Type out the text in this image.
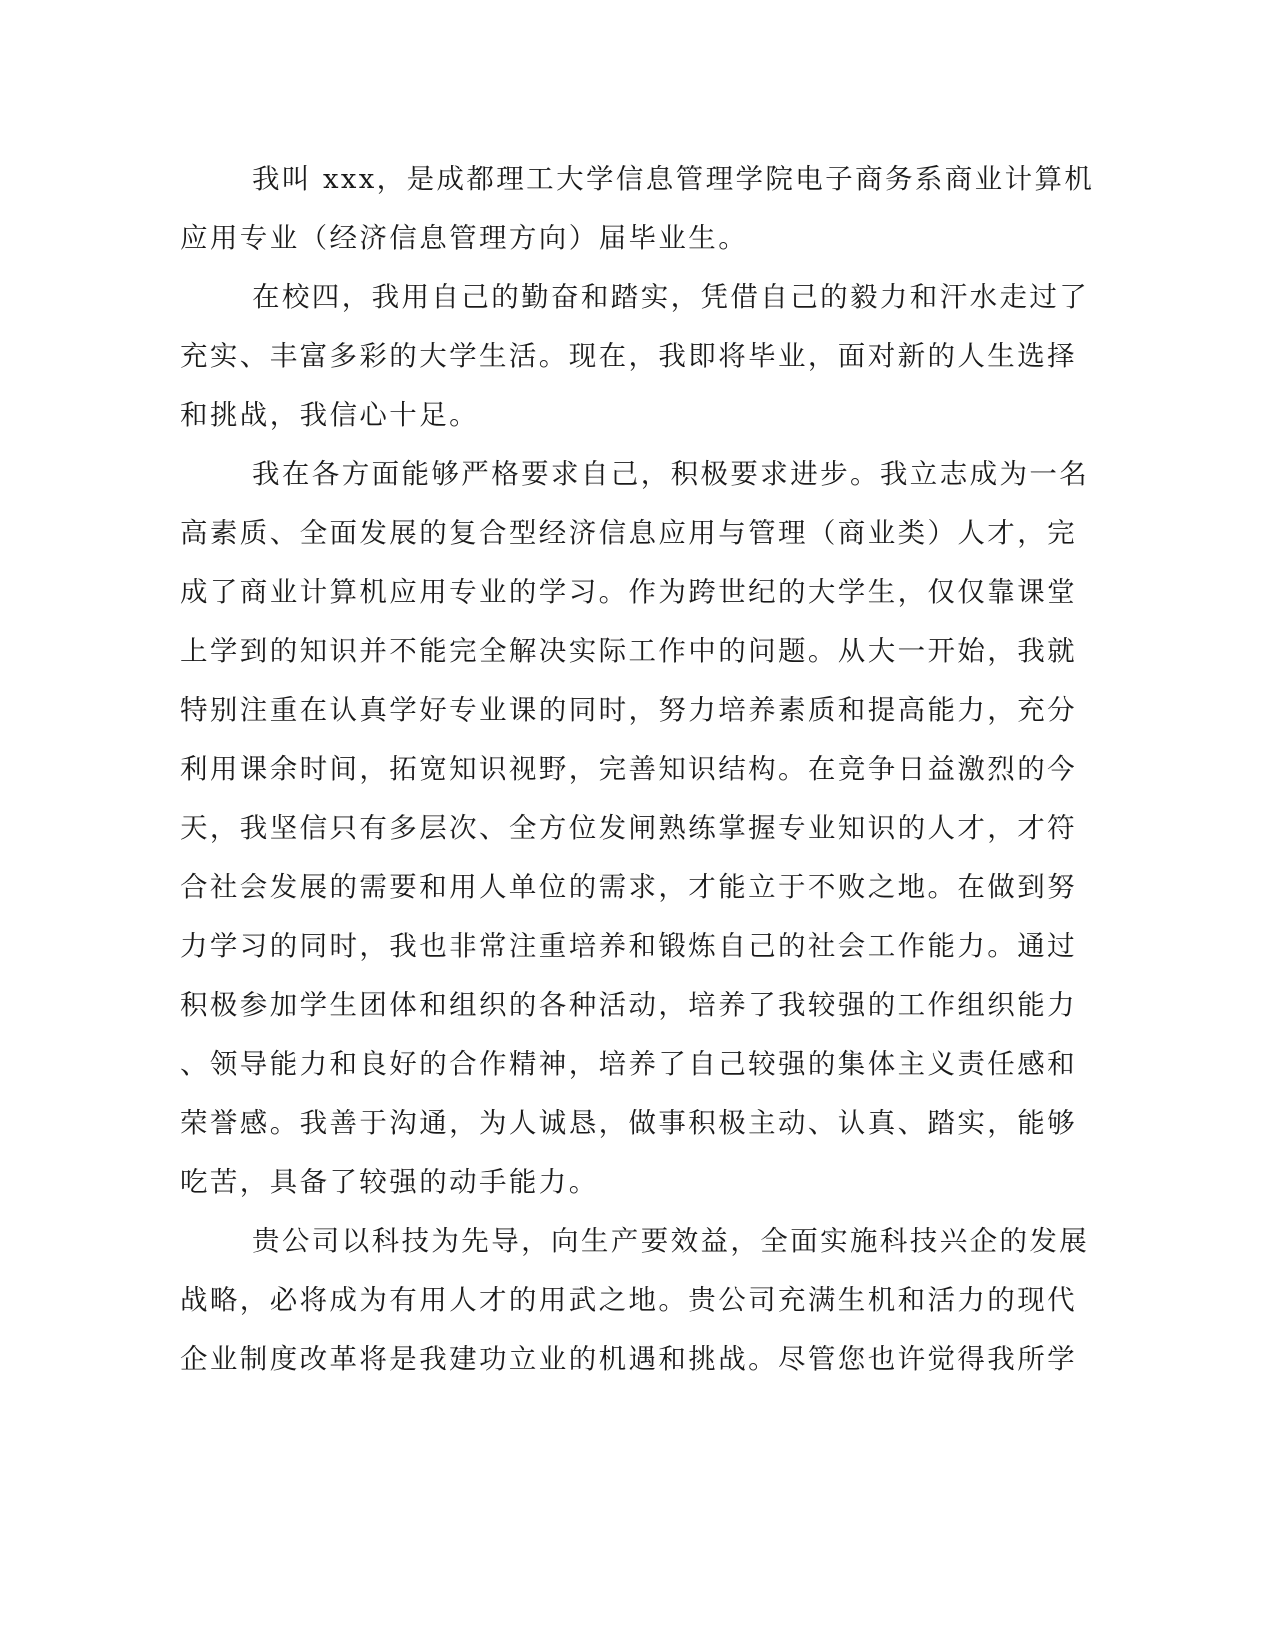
我叫 xxx，是成都理工大学信息管理学院电子商务系商业计算机
应用专业（经济信息管理方向）届毕业生。
在校四，我用自己的勤奋和踏实，凭借自己的毅力和汗水走过了
充实、丰富多彩的大学生活。现在，我即将毕业，面对新的人生选择
和挑战，我信心十足。
我在各方面能够严格要求自己，积极要求进步。我立志成为一名
高素质、全面发展的复合型经济信息应用与管理（商业类）人才，完
成了商业计算机应用专业的学习。作为跨世纪的大学生，仅仅靠课堂
上学到的知识并不能完全解决实际工作中的问题。从大一开始，我就
特别注重在认真学好专业课的同时，努力培养素质和提高能力，充分
利用课余时间，拓宽知识视野，完善知识结构。在竞争日益激烈的今
天，我坚信只有多层次、全方位发闸熟练掌握专业知识的人才，才符
合社会发展的需要和用人单位的需求，才能立于不败之地。在做到努
力学习的同时，我也非常注重培养和锻炼自己的社会工作能力。通过
积极参加学生团体和组织的各种活动，培养了我较强的工作组织能力
、领导能力和良好的合作精神，培养了自己较强的集体主义责任感和
荣誉感。我善于沟通，为人诚恳，做事积极主动、认真、踏实，能够
吃苦，具备了较强的动手能力。
贵公司以科技为先导，向生产要效益，全面实施科技兴企的发展
战略，必将成为有用人才的用武之地。贵公司充满生机和活力的现代
企业制度改革将是我建功立业的机遇和挑战。尽管您也许觉得我所学
